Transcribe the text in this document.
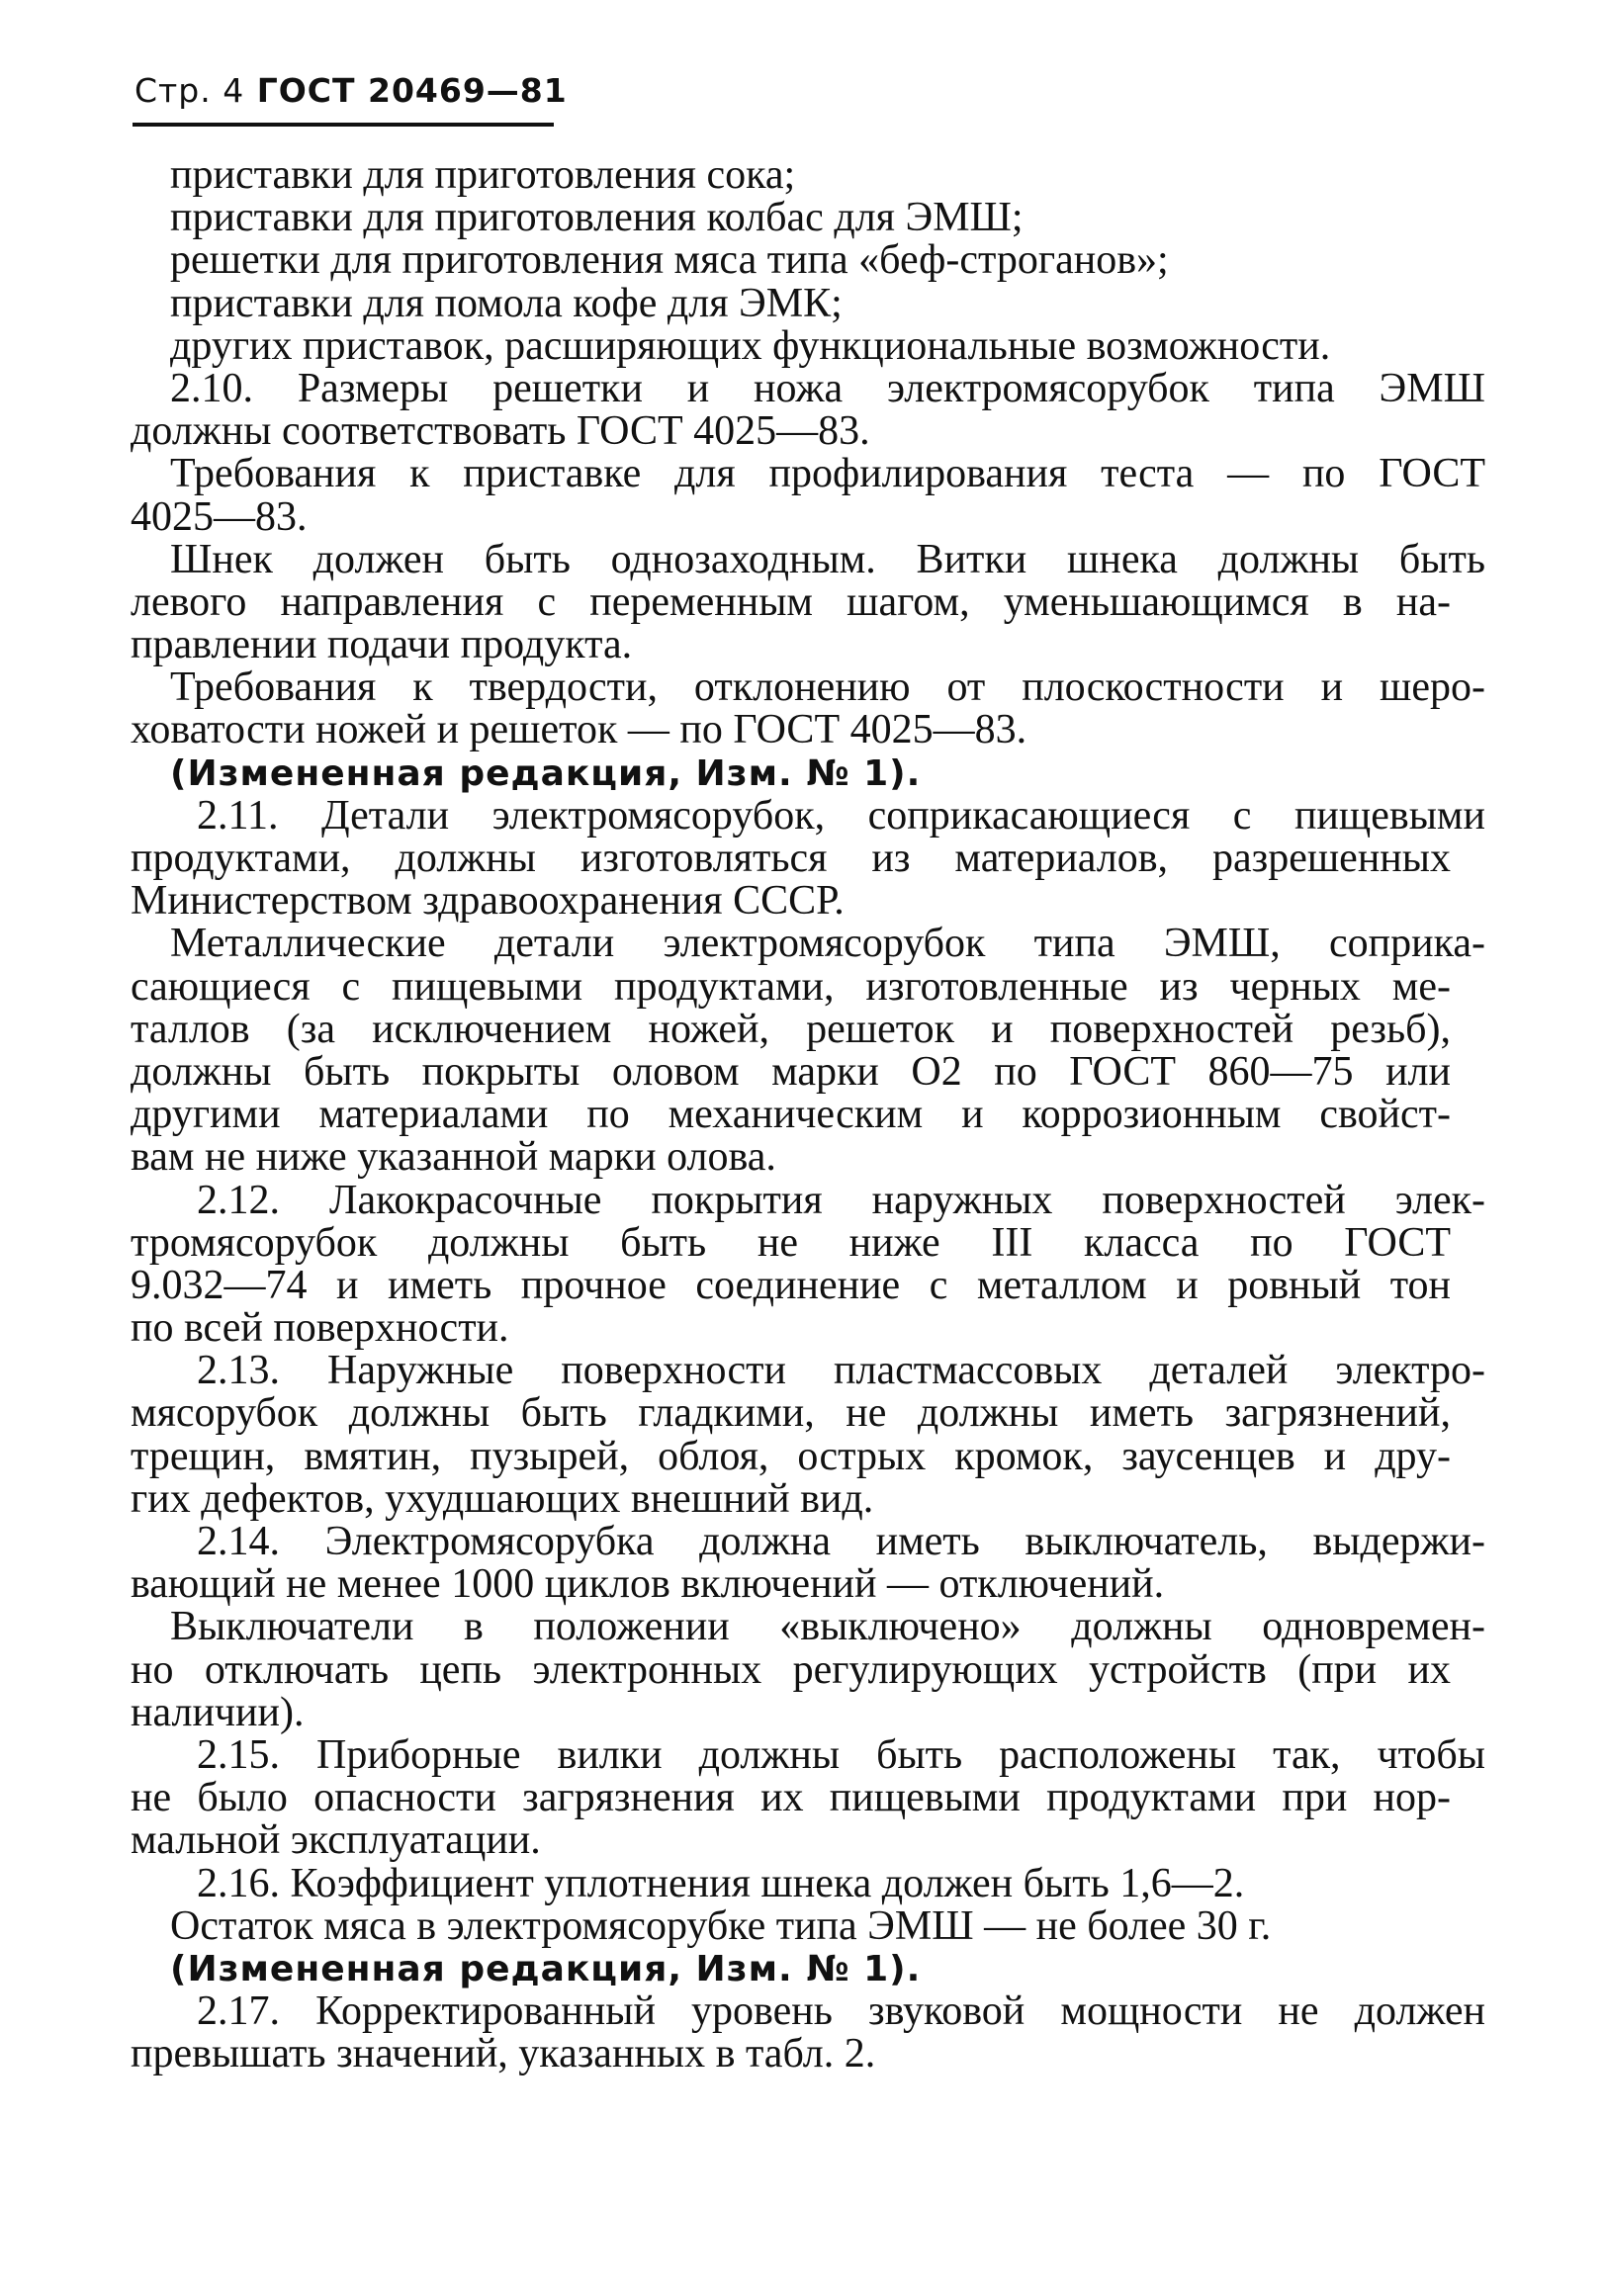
Стр. 4 ГОСТ 20469—81
приставки для приготовления сока;
приставки для приготовления колбас для ЭМШ;
решетки для приготовления мяса типа «беф-строганов»;
приставки для помола кофе для ЭМК;
других приставок, расширяющих функциональные возможности.
2.10. Размеры решетки и ножа электромясорубок типа ЭМШ
должны соответствовать ГОСТ 4025—83.
Требования к приставке для профилирования теста — по ГОСТ
4025—83.
Шнек должен быть однозаходным. Витки шнека должны быть
левого направления с переменным шагом, уменьшающимся в на-
правлении подачи продукта.
Требования к твердости, отклонению от плоскостности и шеро-
ховатости ножей и решеток — по ГОСТ 4025—83.
(Измененная редакция, Изм. № 1).
2.11. Детали электромясорубок, соприкасающиеся с пищевыми
продуктами, должны изготовляться из материалов, разрешенных
Министерством здравоохранения СССР.
Металлические детали электромясорубок типа ЭМШ, соприка-
сающиеся с пищевыми продуктами, изготовленные из черных ме-
таллов (за исключением ножей, решеток и поверхностей резьб),
должны быть покрыты оловом марки О2 по ГОСТ 860—75 или
другими материалами по механическим и коррозионным свойст-
вам не ниже указанной марки олова.
2.12. Лакокрасочные покрытия наружных поверхностей элек-
тромясорубок должны быть не ниже III класса по ГОСТ
9.032—74 и иметь прочное соединение с металлом и ровный тон
по всей поверхности.
2.13. Наружные поверхности пластмассовых деталей электро-
мясорубок должны быть гладкими, не должны иметь загрязнений,
трещин, вмятин, пузырей, облоя, острых кромок, заусенцев и дру-
гих дефектов, ухудшающих внешний вид.
2.14. Электромясорубка должна иметь выключатель, выдержи-
вающий не менее 1000 циклов включений — отключений.
Выключатели в положении «выключено» должны одновремен-
но отключать цепь электронных регулирующих устройств (при их
наличии).
2.15. Приборные вилки должны быть расположены так, чтобы
не было опасности загрязнения их пищевыми продуктами при нор-
мальной эксплуатации.
2.16. Коэффициент уплотнения шнека должен быть 1,6—2.
Остаток мяса в электромясорубке типа ЭМШ — не более 30 г.
(Измененная редакция, Изм. № 1).
2.17. Корректированный уровень звуковой мощности не должен
превышать значений, указанных в табл. 2.
